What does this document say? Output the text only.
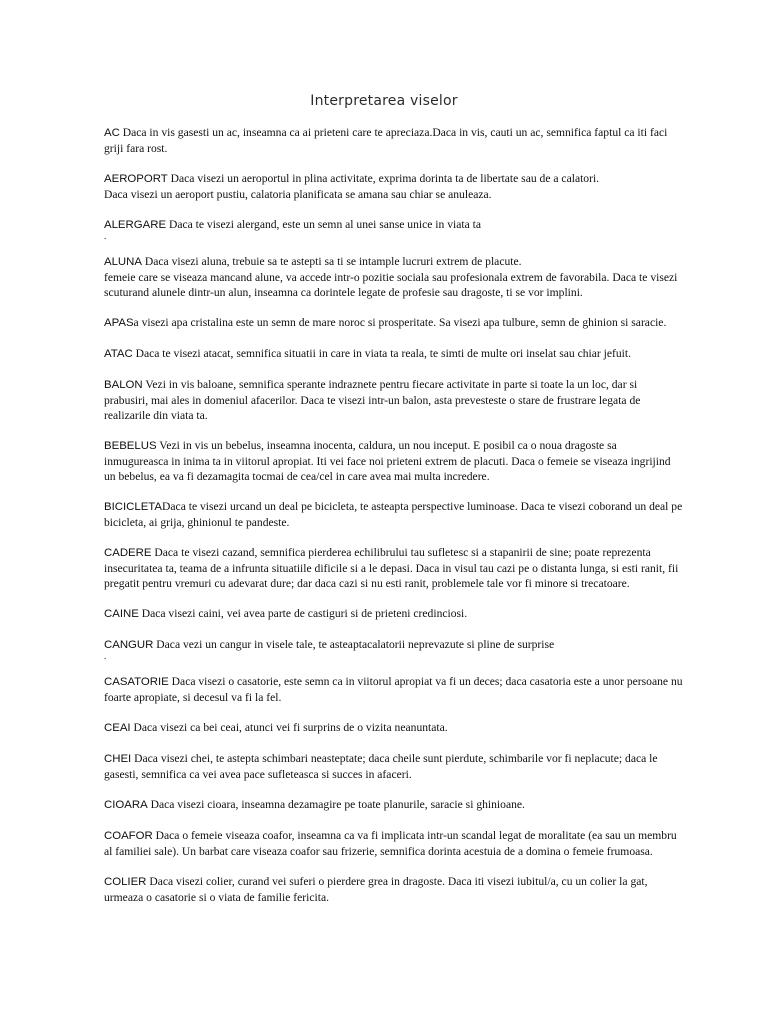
Interpretarea viselor

AC Daca in vis gasesti un ac, inseamna ca ai prieteni care te apreciaza.Daca in vis, cauti un ac, semnifica faptul ca iti faci griji fara rost.

AEROPORT Daca visezi un aeroportul in plina activitate, exprima dorinta ta de libertate sau de a calatori.

Daca visezi un aeroport pustiu, calatoria planificata se amana sau chiar se anuleaza.

ALERGARE Daca te visezi alergand, este un semn al unei sanse unice in viata ta

.

ALUNA Daca visezi aluna, trebuie sa te astepti sa ti se intample lucruri extrem de placute.

femeie care se viseaza mancand alune, va accede intr-o pozitie sociala sau profesionala extrem de favorabila. Daca te visezi scuturand alunele dintr-un alun, inseamna ca dorintele legate de profesie sau dragoste, ti se vor implini.

APASa visezi apa cristalina este un semn de mare noroc si prosperitate. Sa visezi apa tulbure, semn de ghinion si saracie.

ATAC Daca te visezi atacat, semnifica situatii in care in viata ta reala, te simti de multe ori inselat sau chiar jefuit.

BALON Vezi in vis baloane, semnifica sperante indraznete pentru fiecare activitate in parte si toate la un loc, dar si prabusiri, mai ales in domeniul afacerilor. Daca te visezi intr-un balon, asta prevesteste o stare de frustrare legata de realizarile din viata ta.

BEBELUS Vezi in vis un bebelus, inseamna inocenta, caldura, un nou inceput. E posibil ca o noua dragoste sa inmugureasca in inima ta in viitorul apropiat. Iti vei face noi prieteni extrem de placuti. Daca o femeie se viseaza ingrijind un bebelus, ea va fi dezamagita tocmai de cea/cel in care avea mai multa incredere.

BICICLETADaca te visezi urcand un deal pe bicicleta, te asteapta perspective luminoase. Daca te visezi coborand un deal pe bicicleta, ai grija, ghinionul te pandeste.

CADERE Daca te visezi cazand, semnifica pierderea echilibrului tau sufletesc si a stapanirii de sine; poate reprezenta insecuritatea ta, teama de a infrunta situatiile dificile si a le depasi. Daca in visul tau cazi pe o distanta lunga, si esti ranit, fii pregatit pentru vremuri cu adevarat dure; dar daca cazi si nu esti ranit, problemele tale vor fi minore si trecatoare.

CAINE Daca visezi caini, vei avea parte de castiguri si de prieteni credinciosi.

CANGUR Daca vezi un cangur in visele tale, te asteaptacalatorii neprevazute si pline de surprise

.

CASATORIE Daca visezi o casatorie, este semn ca in viitorul apropiat va fi un deces; daca casatoria este a unor persoane nu foarte apropiate, si decesul va fi la fel.

CEAI Daca visezi ca bei ceai, atunci vei fi surprins de o vizita neanuntata.

CHEI Daca visezi chei, te astepta schimbari neasteptate; daca cheile sunt pierdute, schimbarile vor fi neplacute; daca le gasesti, semnifica ca vei avea pace sufleteasca si succes in afaceri.

CIOARA Daca visezi cioara, inseamna dezamagire pe toate planurile, saracie si ghinioane.

COAFOR Daca o femeie viseaza coafor, inseamna ca va fi implicata intr-un scandal legat de moralitate (ea sau un membru al familiei sale). Un barbat care viseaza coafor sau frizerie, semnifica dorinta acestuia de a domina o femeie frumoasa.

COLIER Daca visezi colier, curand vei suferi o pierdere grea in dragoste. Daca iti visezi iubitul/a, cu un colier la gat, urmeaza o casatorie si o viata de familie fericita.
